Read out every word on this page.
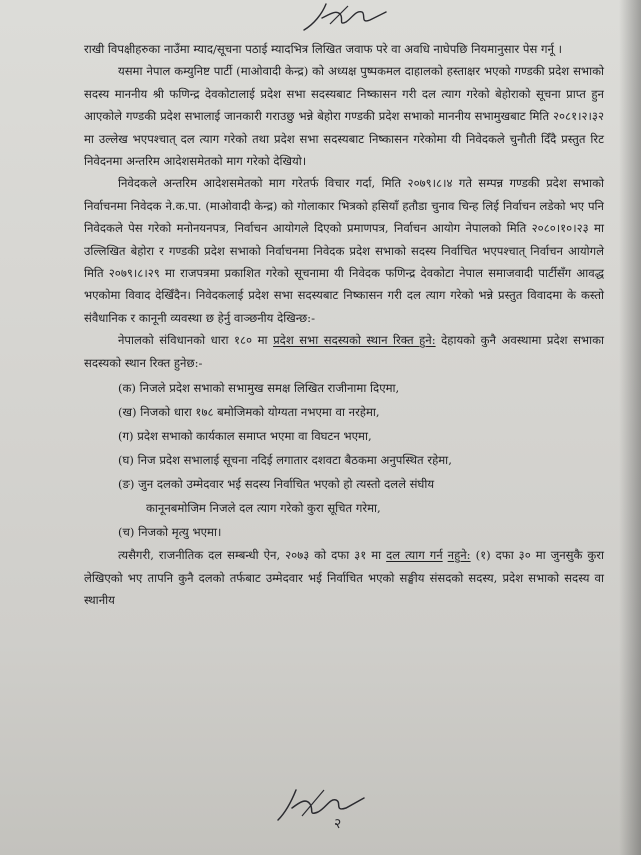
राखी विपक्षीहरुका नाउँमा म्याद/सूचना पठाई म्यादभित्र लिखित जवाफ परे वा अवधि नाघेपछि नियमानुसार पेस गर्नू ।

यसमा नेपाल कम्युनिष्ट पार्टी (माओवादी केन्द्र) को अध्यक्ष पुष्पकमल दाहालको हस्ताक्षर भएको गण्डकी प्रदेश सभाको सदस्य माननीय श्री फणिन्द्र देवकोटालाई प्रदेश सभा सदस्यबाट निष्कासन गरी दल त्याग गरेको बेहोराको सूचना प्राप्त हुन आएकोले गण्डकी प्रदेश सभालाई जानकारी गराउछु भन्ने बेहोरा गण्डकी प्रदेश सभाको माननीय सभामुखबाट मिति २०८१।२।३२ मा उल्लेख भएपश्चात् दल त्याग गरेको तथा प्रदेश सभा सदस्यबाट निष्कासन गरेकोमा यी निवेदकले चुनौती दिँदै प्रस्तुत रिट निवेदनमा अन्तरिम आदेशसमेतको माग गरेको देखियो।

निवेदकले अन्तरिम आदेशसमेतको माग गरेतर्फ विचार गर्दा, मिति २०७९।८।४ गते सम्पन्न गण्डकी प्रदेश सभाको निर्वाचनमा निवेदक ने.क.पा. (माओवादी केन्द्र) को गोलाकार भित्रको हसियाँ हतौडा चुनाव चिन्ह लिई निर्वाचन लडेको भए पनि निवेदकले पेस गरेको मनोनयनपत्र, निर्वाचन आयोगले दिएको प्रमाणपत्र, निर्वाचन आयोग नेपालको मिति २०८०।१०।२३ मा उल्लिखित बेहोरा र गण्डकी प्रदेश सभाको निर्वाचनमा निवेदक प्रदेश सभाको सदस्य निर्वाचित भएपश्चात् निर्वाचन आयोगले मिति २०७९।८।२९ मा राजपत्रमा प्रकाशित गरेको सूचनामा यी निवेदक फणिन्द्र देवकोटा नेपाल समाजवादी पार्टीसँग आवद्ध भएकोमा विवाद देखिँदैन। निवेदकलाई प्रदेश सभा सदस्यबाट निष्कासन गरी दल त्याग गरेको भन्ने प्रस्तुत विवादमा के कस्तो संवैधानिक र कानूनी व्यवस्था छ हेर्नु वाञ्छनीय देखिन्छ:-

नेपालको संविधानको धारा १८० मा प्रदेश सभा सदस्यको स्थान रिक्त हुने: देहायको कुनै अवस्थामा प्रदेश सभाका सदस्यको स्थान रिक्त हुनेछ:-

(क) निजले प्रदेश सभाको सभामुख समक्ष लिखित राजीनामा दिएमा,
(ख) निजको धारा १७८ बमोजिमको योग्यता नभएमा वा नरहेमा,
(ग) प्रदेश सभाको कार्यकाल समाप्त भएमा वा विघटन भएमा,
(घ) निज प्रदेश सभालाई सूचना नदिई लगातार दशवटा बैठकमा अनुपस्थित रहेमा,
(ङ) जुन दलको उम्मेदवार भई सदस्य निर्वाचित भएको हो त्यस्तो दलले संघीय
कानूनबमोजिम निजले दल त्याग गरेको कुरा सूचित गरेमा,
(च) निजको मृत्यु भएमा।

त्यसैगरी, राजनीतिक दल सम्बन्धी ऐन, २०७३ को दफा ३१ मा दल त्याग गर्न नहुने: (१) दफा ३० मा जुनसुकै कुरा लेखिएको भए तापनि कुनै दलको तर्फबाट उम्मेदवार भई निर्वाचित भएको सङ्घीय संसदको सदस्य, प्रदेश सभाको सदस्य वा स्थानीय

२
